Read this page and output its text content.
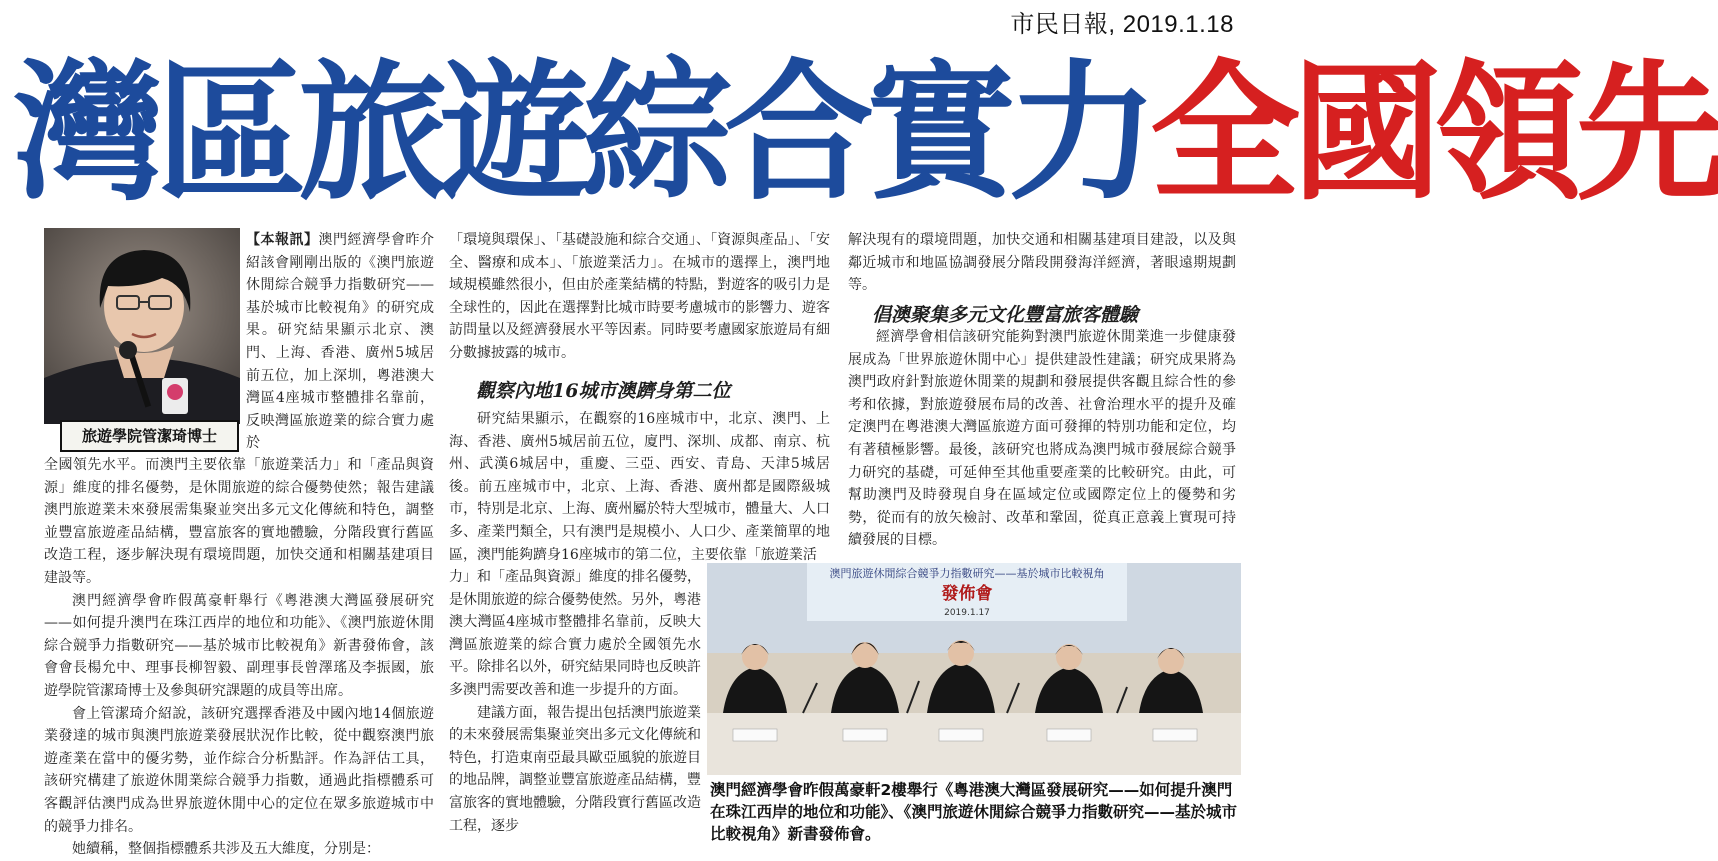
市民日報, 2019.1.18
灣區旅遊綜合實力全國領先
旅遊學院管潔琦博士

【本報訊】澳門經濟學會昨介紹該會剛剛出版的《澳門旅遊休閒綜合競爭力指數研究——基於城市比較視角》的研究成果。研究結果顯示北京、澳門、上海、香港、廣州5城居前五位，加上深圳，粵港澳大灣區4座城市整體排名靠前，反映灣區旅遊業的綜合實力處於

全國領先水平。而澳門主要依靠「旅遊業活力」和「產品與資源」維度的排名優勢，是休閒旅遊的綜合優勢使然；報告建議澳門旅遊業未來發展需集聚並突出多元文化傳統和特色，調整並豐富旅遊產品結構，豐富旅客的實地體驗，分階段實行舊區改造工程，逐步解決現有環境問題，加快交通和相關基建項目建設等。

澳門經濟學會昨假萬豪軒舉行《粵港澳大灣區發展研究——如何提升澳門在珠江西岸的地位和功能》、《澳門旅遊休閒綜合競爭力指數研究——基於城市比較視角》新書發佈會，該會會長楊允中、理事長柳智毅、副理事長曾澤瑤及李振國，旅遊學院管潔琦博士及參與研究課題的成員等出席。

會上管潔琦介紹說，該研究選擇香港及中國內地14個旅遊業發達的城市與澳門旅遊業發展狀況作比較，從中觀察澳門旅遊產業在當中的優劣勢，並作綜合分析點評。作為評估工具，該研究構建了旅遊休閒業綜合競爭力指數，通過此指標體系可客觀評估澳門成為世界旅遊休閒中心的定位在眾多旅遊城市中的競爭力排名。

她續稱，整個指標體系共涉及五大維度，分別是：

「環境與環保」、「基礎設施和綜合交通」、「資源與產品」、「安全、醫療和成本」、「旅遊業活力」。在城市的選擇上，澳門地域規模雖然很小，但由於產業結構的特點，對遊客的吸引力是全球性的，因此在選擇對比城市時要考慮城市的影響力、遊客訪問量以及經濟發展水平等因素。同時要考慮國家旅遊局有細分數據披露的城市。

觀察內地16城市澳躋身第二位

研究結果顯示，在觀察的16座城市中，北京、澳門、上海、香港、廣州5城居前五位，廈門、深圳、成都、南京、杭州、武漢6城居中，重慶、三亞、西安、青島、天津5城居後。前五座城市中，北京、上海、香港、廣州都是國際級城市，特別是北京、上海、廣州屬於特大型城市，體量大、人口多、產業門類全，只有澳門是規模小、人口少、產業簡單的地區，澳門能夠躋身16座城市的第二位，主要依靠「旅遊業活

力」和「產品與資源」維度的排名優勢，是休閒旅遊的綜合優勢使然。另外，粵港澳大灣區4座城市整體排名靠前，反映大灣區旅遊業的綜合實力處於全國領先水平。除排名以外，研究結果同時也反映許多澳門需要改善和進一步提升的方面。

建議方面，報告提出包括澳門旅遊業的未來發展需集聚並突出多元文化傳統和特色，打造東南亞最具歐亞風貌的旅遊目的地品牌，調整並豐富旅遊產品結構，豐富旅客的實地體驗，分階段實行舊區改造工程，逐步

解決現有的環境問題，加快交通和相關基建項目建設，以及與鄰近城市和地區協調發展分階段開發海洋經濟，著眼遠期規劃等。

倡澳聚集多元文化豐富旅客體驗

經濟學會相信該研究能夠對澳門旅遊休閒業進一步健康發展成為「世界旅遊休閒中心」提供建設性建議；研究成果將為澳門政府針對旅遊休閒業的規劃和發展提供客觀且綜合性的參考和依據，對旅遊發展布局的改善、社會治理水平的提升及確定澳門在粵港澳大灣區旅遊方面可發揮的特別功能和定位，均有著積極影響。最後，該研究也將成為澳門城市發展綜合競爭力研究的基礎，可延伸至其他重要產業的比較研究。由此，可幫助澳門及時發現自身在區域定位或國際定位上的優勢和劣勢，從而有的放矢檢討、改革和鞏固，從真正意義上實現可持續發展的目標。

澳門旅遊休閒綜合競爭力指數研究——基於城市比較視角
發佈會
2019.1.17
澳門經濟學會昨假萬豪軒2樓舉行《粵港澳大灣區發展研究——如何提升澳門在珠江西岸的地位和功能》、《澳門旅遊休閒綜合競爭力指數研究——基於城市比較視角》新書發佈會。
